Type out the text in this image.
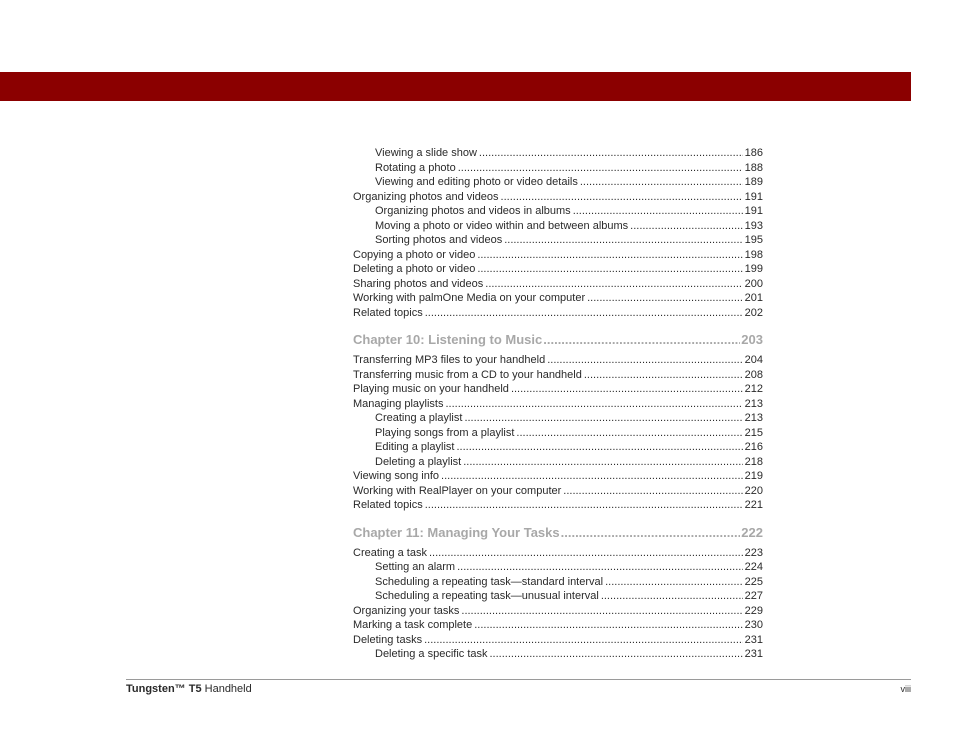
Viewing a slide show .....	186
Rotating a photo .....	188
Viewing and editing photo or video details .....	189
Organizing photos and videos .....	191
Organizing photos and videos in albums .....	191
Moving a photo or video within and between albums .....	193
Sorting photos and videos .....	195
Copying a photo or video .....	198
Deleting a photo or video .....	199
Sharing photos and videos .....	200
Working with palmOne Media on your computer .....	201
Related topics .....	202
Chapter 10: Listening to Music .....	203
Transferring MP3 files to your handheld .....	204
Transferring music from a CD to your handheld .....	208
Playing music on your handheld .....	212
Managing playlists .....	213
Creating a playlist .....	213
Playing songs from a playlist .....	215
Editing a playlist .....	216
Deleting a playlist .....	218
Viewing song info .....	219
Working with RealPlayer on your computer .....	220
Related topics .....	221
Chapter 11: Managing Your Tasks .....	222
Creating a task .....	223
Setting an alarm .....	224
Scheduling a repeating task—standard interval .....	225
Scheduling a repeating task—unusual interval .....	227
Organizing your tasks .....	229
Marking a task complete .....	230
Deleting tasks .....	231
Deleting a specific task .....	231
Tungsten™ T5 Handheld	viii
